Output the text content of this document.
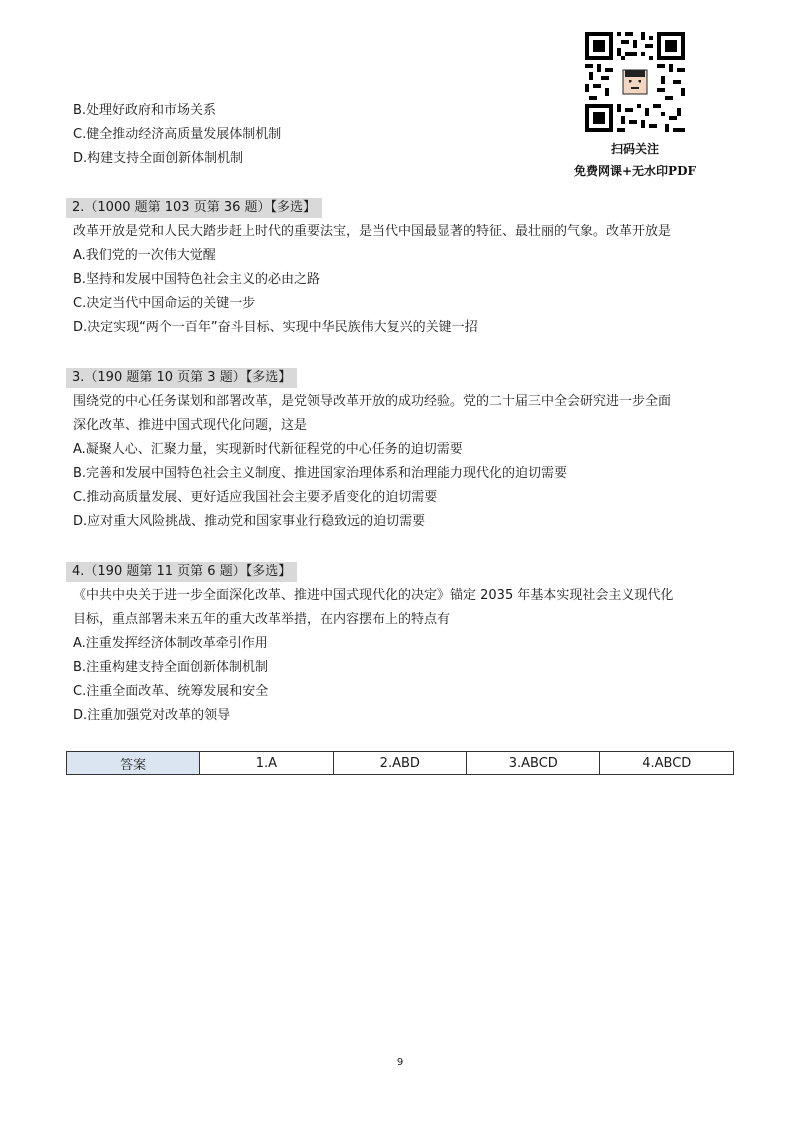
扫码关注
免费网课+无水印PDF
B.处理好政府和市场关系
C.健全推动经济高质量发展体制机制
D.构建支持全面创新体制机制
2.（1000 题第 103 页第 36 题）【多选】
改革开放是党和人民大踏步赶上时代的重要法宝，是当代中国最显著的特征、最壮丽的气象。改革开放是
A.我们党的一次伟大觉醒
B.坚持和发展中国特色社会主义的必由之路
C.决定当代中国命运的关键一步
D.决定实现“两个一百年”奋斗目标、实现中华民族伟大复兴的关键一招
3.（190 题第 10 页第 3 题）【多选】
围绕党的中心任务谋划和部署改革，是党领导改革开放的成功经验。党的二十届三中全会研究进一步全面
深化改革、推进中国式现代化问题，这是
A.凝聚人心、汇聚力量，实现新时代新征程党的中心任务的迫切需要
B.完善和发展中国特色社会主义制度、推进国家治理体系和治理能力现代化的迫切需要
C.推动高质量发展、更好适应我国社会主要矛盾变化的迫切需要
D.应对重大风险挑战、推动党和国家事业行稳致远的迫切需要
4.（190 题第 11 页第 6 题）【多选】
《中共中央关于进一步全面深化改革、推进中国式现代化的决定》锚定 2035 年基本实现社会主义现代化
目标，重点部署未来五年的重大改革举措，在内容摆布上的特点有
A.注重发挥经济体制改革牵引作用
B.注重构建支持全面创新体制机制
C.注重全面改革、统筹发展和安全
D.注重加强党对改革的领导
答案	1.A	2.ABD	3.ABCD	4.ABCD
9
